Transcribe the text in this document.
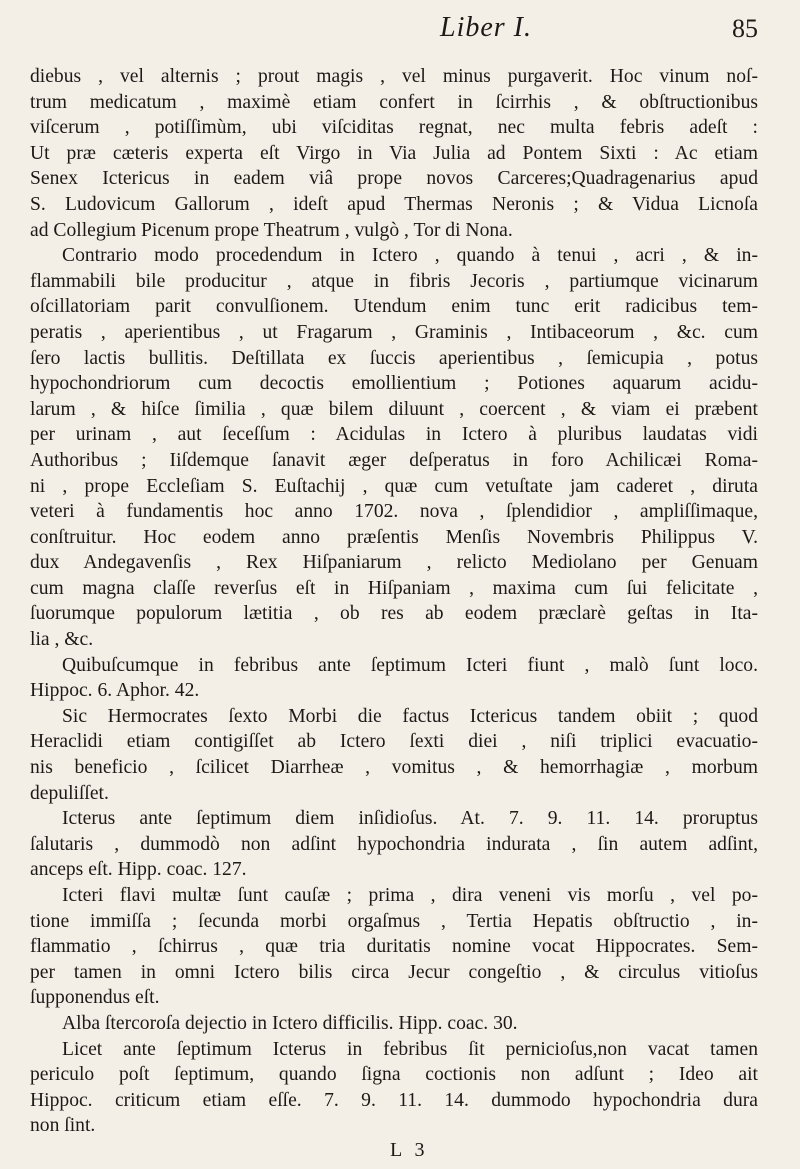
Liber I.	85
diebus , vel alternis ; prout magis , vel minus purgaverit. Hoc vinum noſ-
trum medicatum , maximè etiam confert in ſcirrhis , & obſtructionibus
viſcerum , potiſſimùm, ubi viſciditas regnat, nec multa febris adeſt :
Ut præ cæteris experta eſt Virgo in Via Julia ad Pontem Sixti : Ac etiam
Senex Ictericus in eadem viâ prope novos Carceres;Quadragenarius apud
S. Ludovicum Gallorum , ideſt apud Thermas Neronis ; & Vidua Licnoſa
ad Collegium Picenum prope Theatrum , vulgò , Tor di Nona.
Contrario modo procedendum in Ictero , quando à tenui , acri , & in-
flammabili bile producitur , atque in fibris Jecoris , partiumque vicinarum
oſcillatoriam parit convulſionem. Utendum enim tunc erit radicibus tem-
peratis , aperientibus , ut Fragarum , Graminis , Intibaceorum , &c. cum
ſero lactis bullitis. Deſtillata ex ſuccis aperientibus , ſemicupia , potus
hypochondriorum cum decoctis emollientium ; Potiones aquarum acidu-
larum , & hiſce ſimilia , quæ bilem diluunt , coercent , & viam ei præbent
per urinam , aut ſeceſſum : Acidulas in Ictero à pluribus laudatas vidi
Authoribus ; Iiſdemque ſanavit æger deſperatus in foro Achilicæi Roma-
ni , prope Eccleſiam S. Euſtachij , quæ cum vetuſtate jam caderet , diruta
veteri à fundamentis hoc anno 1702. nova , ſplendidior , ampliſſimaque,
conſtruitur. Hoc eodem anno præſentis Menſis Novembris Philippus V.
dux Andegavenſis , Rex Hiſpaniarum , relicto Mediolano per Genuam
cum magna claſſe reverſus eſt in Hiſpaniam , maxima cum ſui felicitate ,
ſuorumque populorum lætitia , ob res ab eodem præclarè geſtas in Ita-
lia , &c.
Quibuſcumque in febribus ante ſeptimum Icteri fiunt , malò ſunt loco.
Hippoc. 6. Aphor. 42.
Sic Hermocrates ſexto Morbi die factus Ictericus tandem obiit ; quod
Heraclidi etiam contigiſſet ab Ictero ſexti diei , niſi triplici evacuatio-
nis beneficio , ſcilicet Diarrheæ , vomitus , & hemorrhagiæ , morbum
depuliſſet.
Icterus ante ſeptimum diem inſidioſus. At. 7. 9. 11. 14. proruptus
ſalutaris , dummodò non adſint hypochondria indurata , ſin autem adſint,
anceps eſt. Hipp. coac. 127.
Icteri flavi multæ ſunt cauſæ ; prima , dira veneni vis morſu , vel po-
tione immiſſa ; ſecunda morbi orgaſmus , Tertia Hepatis obſtructio , in-
flammatio , ſchirrus , quæ tria duritatis nomine vocat Hippocrates. Sem-
per tamen in omni Ictero bilis circa Jecur congeſtio , & circulus vitioſus
ſupponendus eſt.
Alba ſtercoroſa dejectio in Ictero difficilis. Hipp. coac. 30.
Licet ante ſeptimum Icterus in febribus ſit pernicioſus,non vacat tamen
periculo poſt ſeptimum, quando ſigna coctionis non adſunt ; Ideo ait
Hippoc. criticum etiam eſſe. 7. 9. 11. 14. dummodo hypochondria dura
non ſint.
L 3
